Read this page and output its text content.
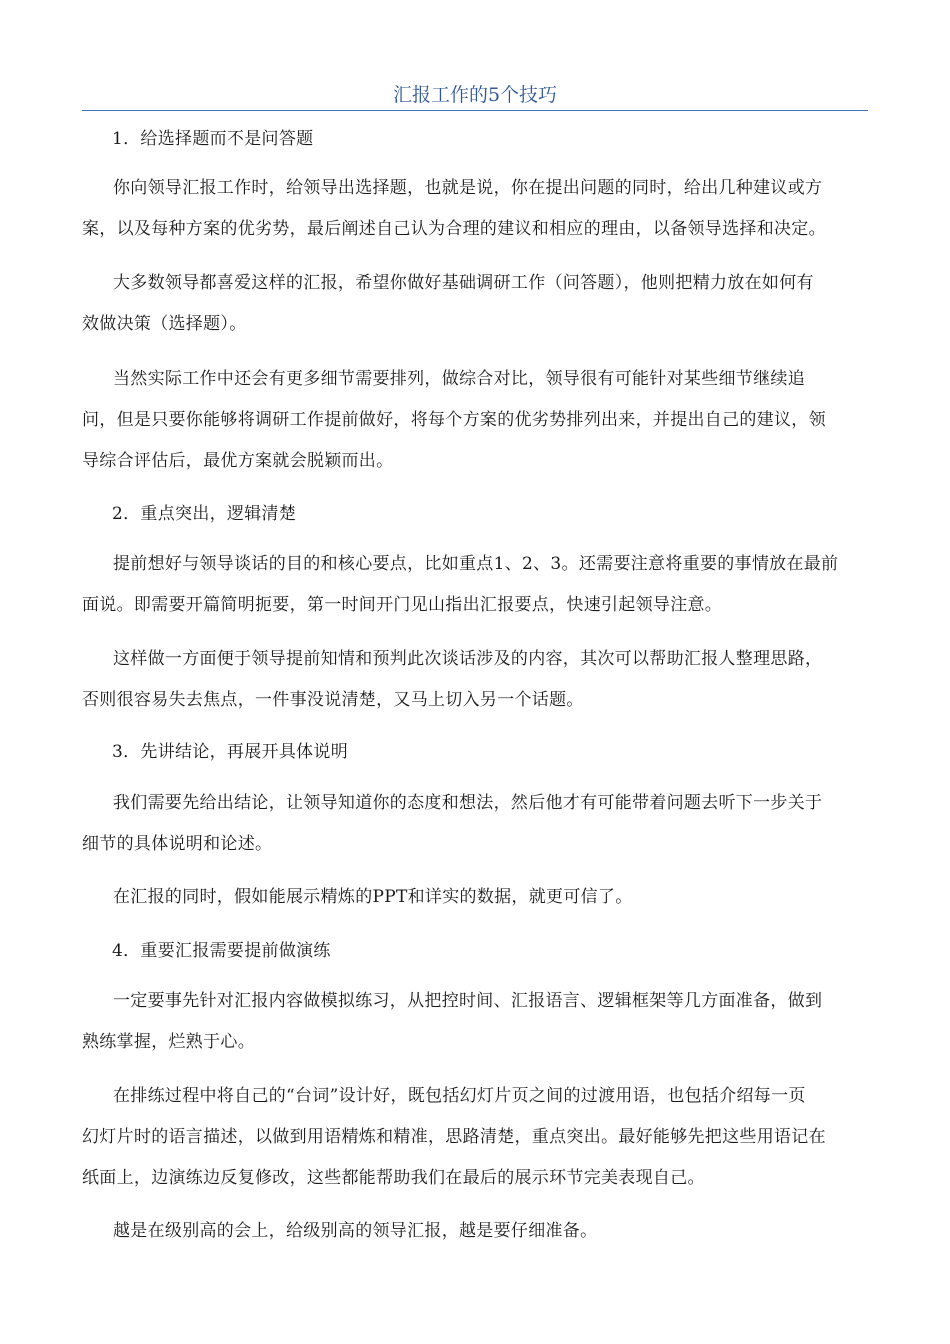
汇报工作的5个技巧
1．给选择题而不是问答题
你向领导汇报工作时，给领导出选择题，也就是说，你在提出问题的同时，给出几种建议或方
案，以及每种方案的优劣势，最后阐述自己认为合理的建议和相应的理由，以备领导选择和决定。
大多数领导都喜爱这样的汇报，希望你做好基础调研工作（问答题），他则把精力放在如何有
效做决策（选择题）。
当然实际工作中还会有更多细节需要排列，做综合对比，领导很有可能针对某些细节继续追
问，但是只要你能够将调研工作提前做好，将每个方案的优劣势排列出来，并提出自己的建议，领
导综合评估后，最优方案就会脱颖而出。
2．重点突出，逻辑清楚
提前想好与领导谈话的目的和核心要点，比如重点1、2、3。还需要注意将重要的事情放在最前
面说。即需要开篇简明扼要，第一时间开门见山指出汇报要点，快速引起领导注意。
这样做一方面便于领导提前知情和预判此次谈话涉及的内容，其次可以帮助汇报人整理思路，
否则很容易失去焦点，一件事没说清楚，又马上切入另一个话题。
3．先讲结论，再展开具体说明
我们需要先给出结论，让领导知道你的态度和想法，然后他才有可能带着问题去听下一步关于
细节的具体说明和论述。
在汇报的同时，假如能展示精炼的PPT和详实的数据，就更可信了。
4．重要汇报需要提前做演练
一定要事先针对汇报内容做模拟练习，从把控时间、汇报语言、逻辑框架等几方面准备，做到
熟练掌握，烂熟于心。
在排练过程中将自己的“台词”设计好，既包括幻灯片页之间的过渡用语，也包括介绍每一页
幻灯片时的语言描述，以做到用语精炼和精准，思路清楚，重点突出。最好能够先把这些用语记在
纸面上，边演练边反复修改，这些都能帮助我们在最后的展示环节完美表现自己。
越是在级别高的会上，给级别高的领导汇报，越是要仔细准备。
